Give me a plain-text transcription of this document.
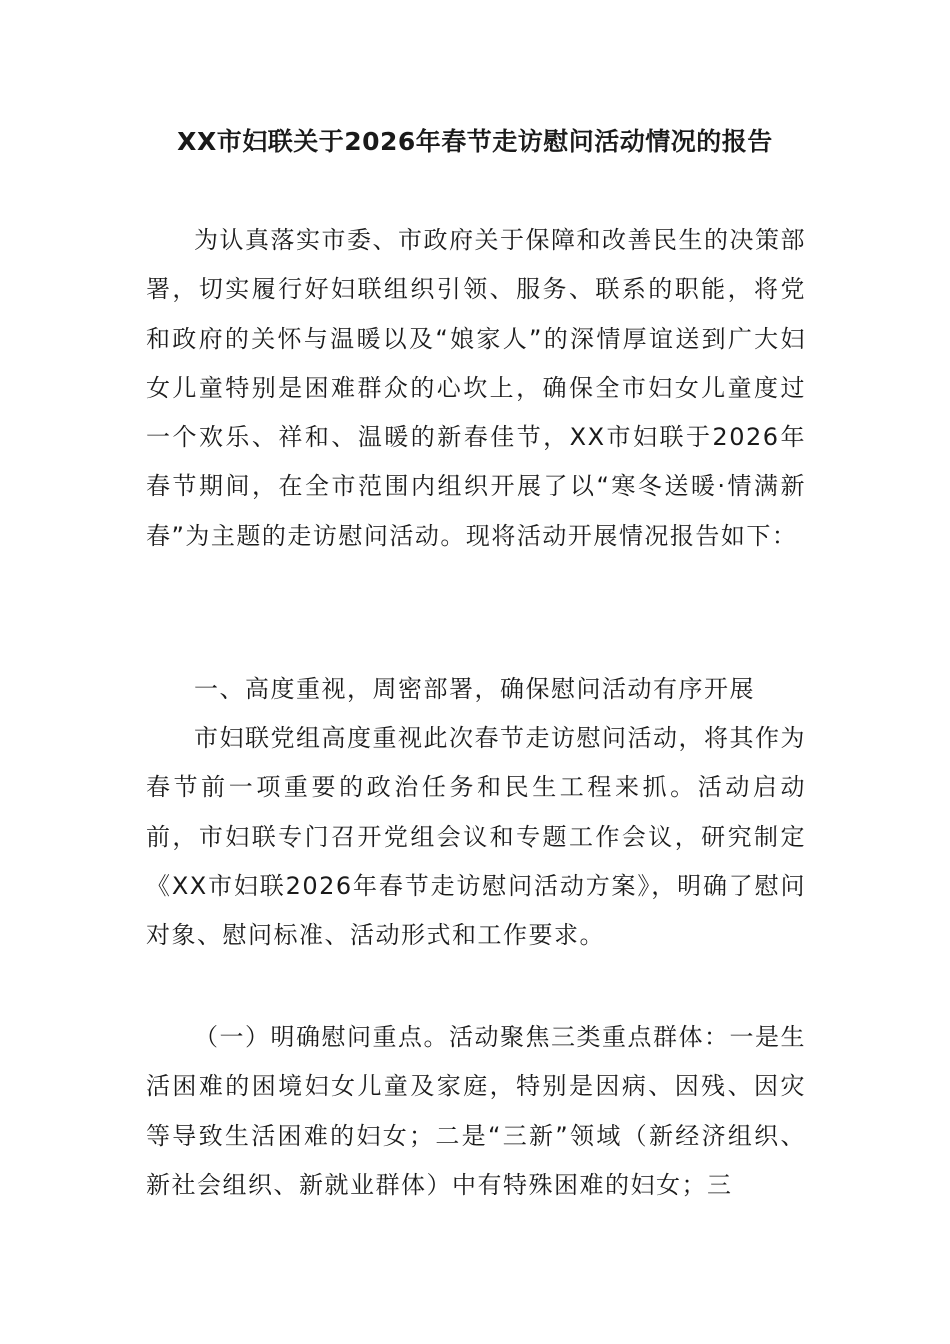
XX市妇联关于2026年春节走访慰问活动情况的报告

为认真落实市委、市政府关于保障和改善民生的决策部署，切实履行好妇联组织引领、服务、联系的职能，将党和政府的关怀与温暖以及“娘家人”的深情厚谊送到广大妇女儿童特别是困难群众的心坎上，确保全市妇女儿童度过一个欢乐、祥和、温暖的新春佳节，XX市妇联于2026年春节期间，在全市范围内组织开展了以“寒冬送暖·情满新春”为主题的走访慰问活动。现将活动开展情况报告如下：

一、高度重视，周密部署，确保慰问活动有序开展

市妇联党组高度重视此次春节走访慰问活动，将其作为春节前一项重要的政治任务和民生工程来抓。活动启动前，市妇联专门召开党组会议和专题工作会议，研究制定《XX市妇联2026年春节走访慰问活动方案》，明确了慰问对象、慰问标准、活动形式和工作要求。

（一）明确慰问重点。活动聚焦三类重点群体：一是生活困难的困境妇女儿童及家庭，特别是因病、因残、因灾等导致生活困难的妇女；二是“三新”领域（新经济组织、新社会组织、新就业群体）中有特殊困难的妇女；三
